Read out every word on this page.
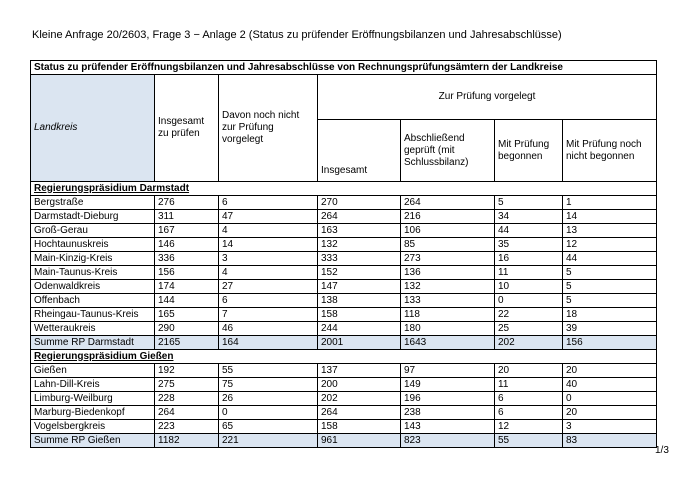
Kleine Anfrage 20/2603, Frage 3 − Anlage 2 (Status zu prüfender Eröffnungsbilanzen und Jahresabschlüsse)
Status zu prüfender Eröffnungsbilanzen und Jahresabschlüsse von Rechnungsprüfungsämtern der Landkreise						
Landkreis	Insgesamt zu prüfen	Davon noch nicht zur Prüfung vorgelegt	Zur Prüfung vorgelegt			
			Insgesamt	Abschließend geprüft (mit Schlussbilanz)	Mit Prüfung begonnen	Mit Prüfung noch nicht begonnen
Regierungspräsidium Darmstadt						
Bergstraße	276	6	270	264	5	1
Darmstadt-Dieburg	311	47	264	216	34	14
Groß-Gerau	167	4	163	106	44	13
Hochtaunuskreis	146	14	132	85	35	12
Main-Kinzig-Kreis	336	3	333	273	16	44
Main-Taunus-Kreis	156	4	152	136	11	5
Odenwaldkreis	174	27	147	132	10	5
Offenbach	144	6	138	133	0	5
Rheingau-Taunus-Kreis	165	7	158	118	22	18
Wetteraukreis	290	46	244	180	25	39
Summe RP Darmstadt	2165	164	2001	1643	202	156
Regierungspräsidium Gießen						
Gießen	192	55	137	97	20	20
Lahn-Dill-Kreis	275	75	200	149	11	40
Limburg-Weilburg	228	26	202	196	6	0
Marburg-Biedenkopf	264	0	264	238	6	20
Vogelsbergkreis	223	65	158	143	12	3
Summe RP Gießen	1182	221	961	823	55	83
1/3
